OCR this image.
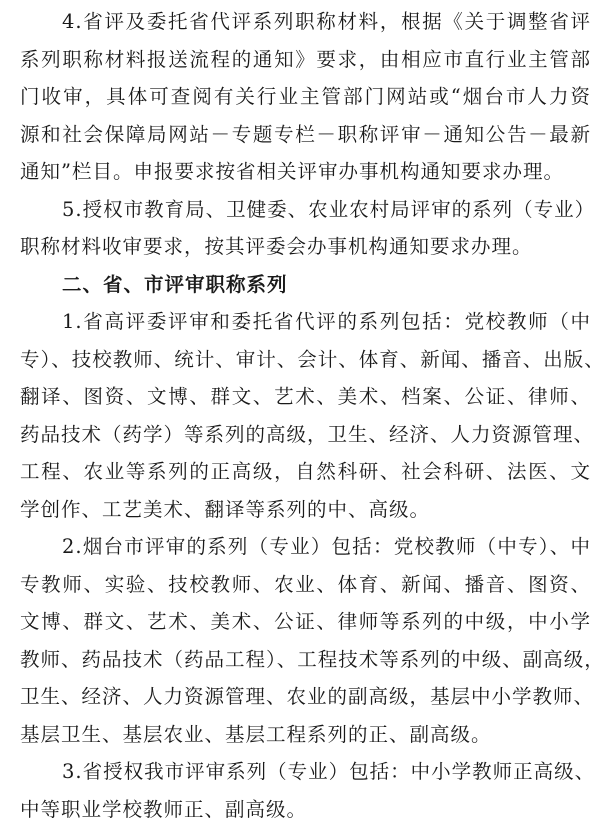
4.省评及委托省代评系列职称材料，根据《关于调整省评
系列职称材料报送流程的通知》要求，由相应市直行业主管部
门收审，具体可查阅有关行业主管部门网站或“烟台市人力资
源和社会保障局网站－专题专栏－职称评审－通知公告－最新
通知”栏目。申报要求按省相关评审办事机构通知要求办理。
5.授权市教育局、卫健委、农业农村局评审的系列（专业）
职称材料收审要求，按其评委会办事机构通知要求办理。
二、省、市评审职称系列
1.省高评委评审和委托省代评的系列包括：党校教师（中
专）、技校教师、统计、审计、会计、体育、新闻、播音、出版、
翻译、图资、文博、群文、艺术、美术、档案、公证、律师、
药品技术（药学）等系列的高级，卫生、经济、人力资源管理、
工程、农业等系列的正高级，自然科研、社会科研、法医、文
学创作、工艺美术、翻译等系列的中、高级。
2.烟台市评审的系列（专业）包括：党校教师（中专）、中
专教师、实验、技校教师、农业、体育、新闻、播音、图资、
文博、群文、艺术、美术、公证、律师等系列的中级，中小学
教师、药品技术（药品工程）、工程技术等系列的中级、副高级，
卫生、经济、人力资源管理、农业的副高级，基层中小学教师、
基层卫生、基层农业、基层工程系列的正、副高级。
3.省授权我市评审系列（专业）包括：中小学教师正高级、
中等职业学校教师正、副高级。
